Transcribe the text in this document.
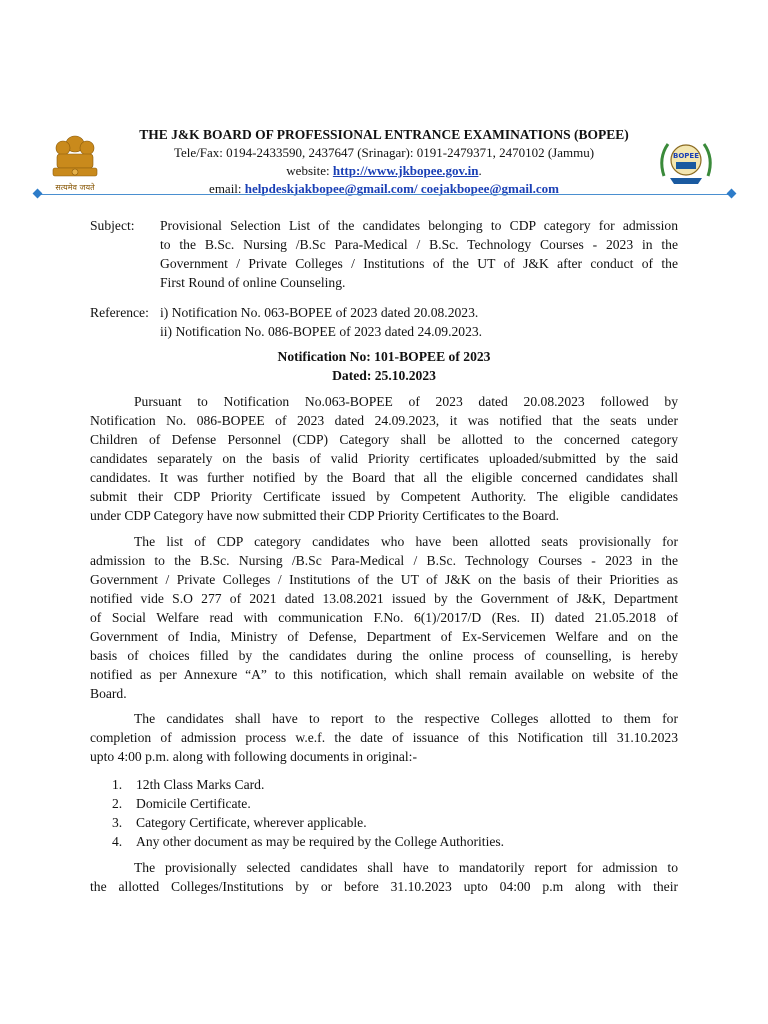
सत्यमेव जयते
BOPEE
THE J&K BOARD OF PROFESSIONAL ENTRANCE EXAMINATIONS (BOPEE)
Tele/Fax: 0194-2433590, 2437647 (Srinagar): 0191-2479371, 2470102 (Jammu)
website: http://www.jkbopee.gov.in.
email: helpdeskjakbopee@gmail.com/ coejakbopee@gmail.com
Subject: Provisional Selection List of the candidates belonging to CDP category for admission
to the B.Sc. Nursing /B.Sc Para-Medical / B.Sc. Technology Courses - 2023 in the
Government / Private Colleges / Institutions of the UT of J&K after conduct of the
First Round of online Counseling.
Reference: i) Notification No. 063-BOPEE of 2023 dated 20.08.2023.
ii) Notification No. 086-BOPEE of 2023 dated 24.09.2023.
Notification No: 101-BOPEE of 2023
Dated: 25.10.2023
Pursuant to Notification No.063-BOPEE of 2023 dated 20.08.2023 followed by
Notification No. 086-BOPEE of 2023 dated 24.09.2023, it was notified that the seats under
Children of Defense Personnel (CDP) Category shall be allotted to the concerned category
candidates separately on the basis of valid Priority certificates uploaded/submitted by the said
candidates. It was further notified by the Board that all the eligible concerned candidates shall
submit their CDP Priority Certificate issued by Competent Authority. The eligible candidates
under CDP Category have now submitted their CDP Priority Certificates to the Board.
The list of CDP category candidates who have been allotted seats provisionally for
admission to the B.Sc. Nursing /B.Sc Para-Medical / B.Sc. Technology Courses - 2023 in the
Government / Private Colleges / Institutions of the UT of J&K on the basis of their Priorities as
notified vide S.O 277 of 2021 dated 13.08.2021 issued by the Government of J&K, Department
of Social Welfare read with communication F.No. 6(1)/2017/D (Res. II) dated 21.05.2018 of
Government of India, Ministry of Defense, Department of Ex-Servicemen Welfare and on the
basis of choices filled by the candidates during the online process of counselling, is hereby
notified as per Annexure “A” to this notification, which shall remain available on website of the
Board.
The candidates shall have to report to the respective Colleges allotted to them for
completion of admission process w.e.f. the date of issuance of this Notification till 31.10.2023
upto 4:00 p.m. along with following documents in original:-
1. 12th Class Marks Card.
2. Domicile Certificate.
3. Category Certificate, wherever applicable.
4. Any other document as may be required by the College Authorities.
The provisionally selected candidates shall have to mandatorily report for admission to
the allotted Colleges/Institutions by or before 31.10.2023 upto 04:00 p.m along with their
